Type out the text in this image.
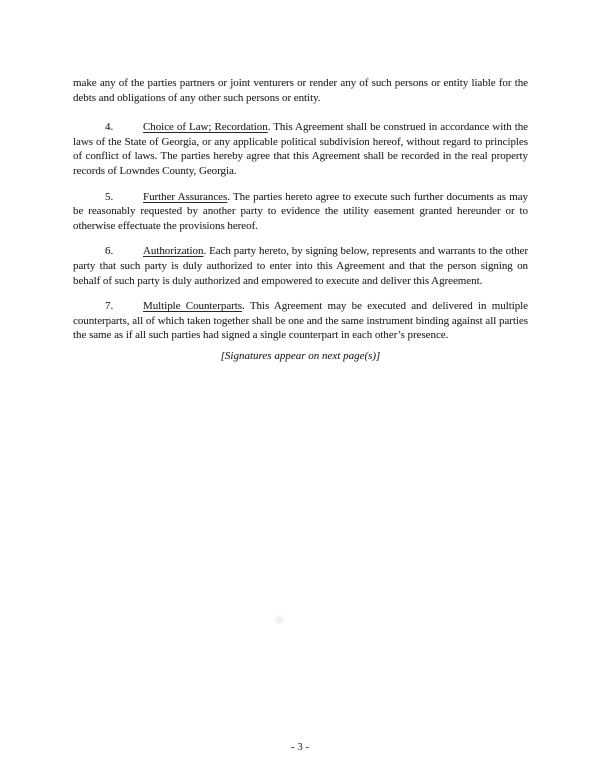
make any of the parties partners or joint venturers or render any of such persons or entity liable for the debts and obligations of any other such persons or entity.

4.	Choice of Law; Recordation. This Agreement shall be construed in accordance with the laws of the State of Georgia, or any applicable political subdivision hereof, without regard to principles of conflict of laws. The parties hereby agree that this Agreement shall be recorded in the real property records of Lowndes County, Georgia.

5.	Further Assurances. The parties hereto agree to execute such further documents as may be reasonably requested by another party to evidence the utility easement granted hereunder or to otherwise effectuate the provisions hereof.

6.	Authorization. Each party hereto, by signing below, represents and warrants to the other party that such party is duly authorized to enter into this Agreement and that the person signing on behalf of such party is duly authorized and empowered to execute and deliver this Agreement.

7.	Multiple Counterparts. This Agreement may be executed and delivered in multiple counterparts, all of which taken together shall be one and the same instrument binding against all parties the same as if all such parties had signed a single counterpart in each other’s presence.

[Signatures appear on next page(s)]

- 3 -
